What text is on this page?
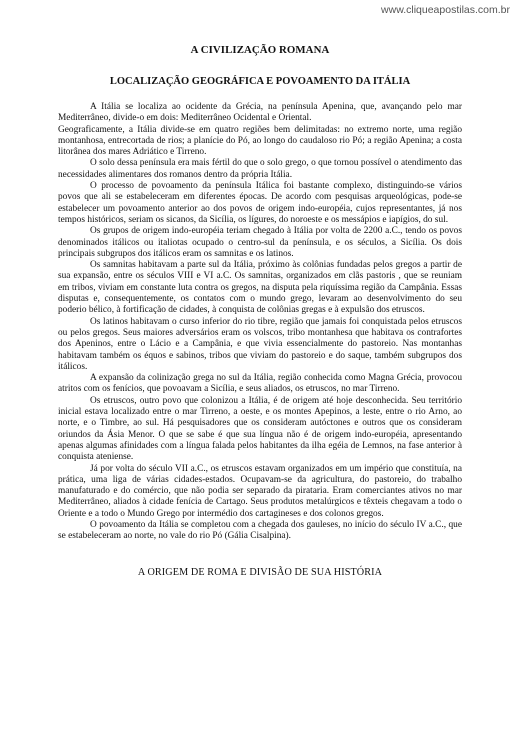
www.cliqueapostilas.com.br
A CIVILIZAÇÃO ROMANA
LOCALIZAÇÃO GEOGRÁFICA E POVOAMENTO DA ITÁLIA

A Itália se localiza ao ocidente da Grécia, na península Apenina, que, avançando pelo mar Mediterrâneo, divide-o em dois: Mediterrâneo Ocidental e Oriental.

Geograficamente, a Itália divide-se em quatro regiões bem delimitadas: no extremo norte, uma região montanhosa, entrecortada de rios; a planície do Pó, ao longo do caudaloso rio Pó; a região Apenina; a costa litorânea dos mares Adriático e Tirreno.

O solo dessa península era mais fértil do que o solo grego, o que tornou possível o atendimento das necessidades alimentares dos romanos dentro da própria Itália.

O processo de povoamento da península Itálica foi bastante complexo, distinguindo-se vários povos que ali se estabeleceram em diferentes épocas. De acordo com pesquisas arqueológicas, pode-se estabelecer um povoamento anterior ao dos povos de origem indo-européia, cujos representantes, já nos tempos históricos, seriam os sicanos, da Sicília, os lígures, do noroeste e os messápios e iapígios, do sul.

Os grupos de origem indo-européia teriam chegado à Itália por volta de 2200 a.C., tendo os povos denominados itálicos ou italiotas ocupado o centro-sul da península, e os séculos, a Sicília. Os dois principais subgrupos dos itálicos eram os samnitas e os latinos.

Os samnitas habitavam a parte sul da Itália, próximo às colônias fundadas pelos gregos a partir de sua expansão, entre os séculos VIII e VI a.C. Os samnitas, organizados em clãs pastoris , que se reuniam em tribos, viviam em constante luta contra os gregos, na disputa pela riquíssima região da Campânia. Essas disputas e, consequentemente, os contatos com o mundo grego, levaram ao desenvolvimento do seu poderio bélico, à fortificação de cidades, à conquista de colônias gregas e à expulsão dos etruscos.

Os latinos habitavam o curso inferior do rio tibre, região que jamais foi conquistada pelos etruscos ou pelos gregos. Seus maiores adversários eram os volscos, tribo montanhesa que habitava os contrafortes dos Apeninos, entre o Lácio e a Campânia, e que vivia essencialmente do pastoreio. Nas montanhas habitavam também os équos e sabinos, tribos que viviam do pastoreio e do saque, também subgrupos dos itálicos.

A expansão da colinização grega no sul da Itália, região conhecida como Magna Grécia, provocou atritos com os fenícios, que povoavam a Sicília, e seus aliados, os etruscos, no mar Tirreno.

Os etruscos, outro povo que colonizou a Itália, é de origem até hoje desconhecida. Seu território inicial estava localizado entre o mar Tirreno, a oeste, e os montes Apepinos, a leste, entre o rio Arno, ao norte, e o Timbre, ao sul. Há pesquisadores que os consideram autóctones e outros que os consideram oriundos da Ásia Menor. O que se sabe é que sua língua não é de origem indo-européia, apresentando apenas algumas afinidades com a língua falada pelos habitantes da ilha egéia de Lemnos, na fase anterior à conquista ateniense.

Já por volta do século VII a.C., os etruscos estavam organizados em um império que constituía, na prática, uma liga de várias cidades-estados. Ocupavam-se da agricultura, do pastoreio, do trabalho manufaturado e do comércio, que não podia ser separado da pirataria. Eram comerciantes ativos no mar Mediterrâneo, aliados à cidade fenícia de Cartago. Seus produtos metalúrgicos e têxteis chegavam a todo o Oriente e a todo o Mundo Grego por intermédio dos cartagineses e dos colonos gregos.

O povoamento da Itália se completou com a chegada dos gauleses, no início do século IV a.C., que se estabeleceram ao norte, no vale do rio Pó (Gália Cisalpina).

A ORIGEM DE ROMA E DIVISÃO DE SUA HISTÓRIA
